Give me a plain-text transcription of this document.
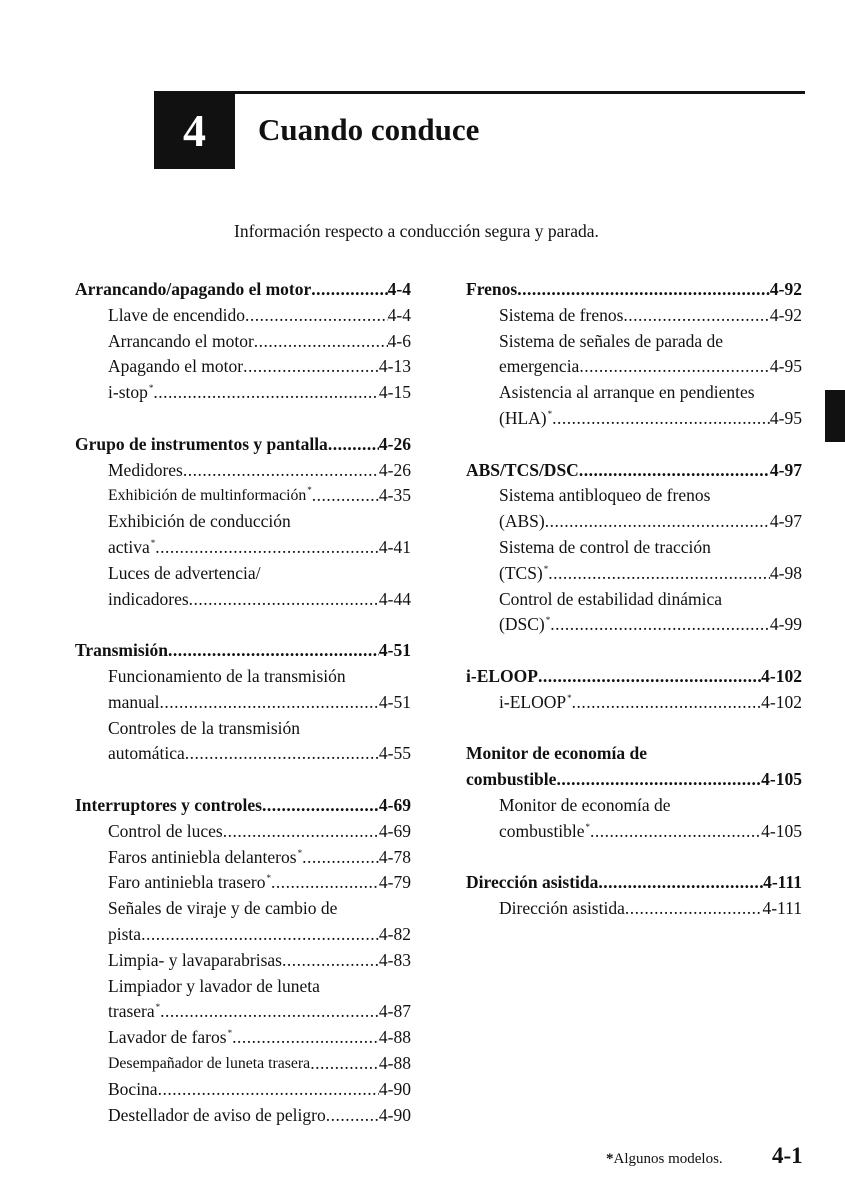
4 Cuando conduce
Información respecto a conducción segura y parada.
Arrancando/apagando el motor .....	4-4
Llave de encendido .....	4-4
Arrancando el motor .....	4-6
Apagando el motor .....	4-13
i-stop* .....	4-15
Grupo de instrumentos y pantalla .....	4-26
Medidores .....	4-26
Exhibición de multinformación* .....	4-35
Exhibición de conducción
activa* .....	4-41
Luces de advertencia/
indicadores .....	4-44
Transmisión .....	4-51
Funcionamiento de la transmisión
manual .....	4-51
Controles de la transmisión
automática .....	4-55
Interruptores y controles .....	4-69
Control de luces .....	4-69
Faros antiniebla delanteros* .....	4-78
Faro antiniebla trasero* .....	4-79
Señales de viraje y de cambio de
pista .....	4-82
Limpia- y lavaparabrisas .....	4-83
Limpiador y lavador de luneta
trasera* .....	4-87
Lavador de faros* .....	4-88
Desempañador de luneta trasera .....	4-88
Bocina .....	4-90
Destellador de aviso de peligro .....	4-90
Frenos .....	4-92
Sistema de frenos .....	4-92
Sistema de señales de parada de
emergencia .....	4-95
Asistencia al arranque en pendientes
(HLA)* .....	4-95
ABS/TCS/DSC .....	4-97
Sistema antibloqueo de frenos
(ABS) .....	4-97
Sistema de control de tracción
(TCS)* .....	4-98
Control de estabilidad dinámica
(DSC)* .....	4-99
i-ELOOP .....	4-102
i-ELOOP* .....	4-102
Monitor de economía de
combustible .....	4-105
Monitor de economía de
combustible* .....	4-105
Dirección asistida .....	4-111
Dirección asistida .....	4-111
*Algunos modelos. 4-1
